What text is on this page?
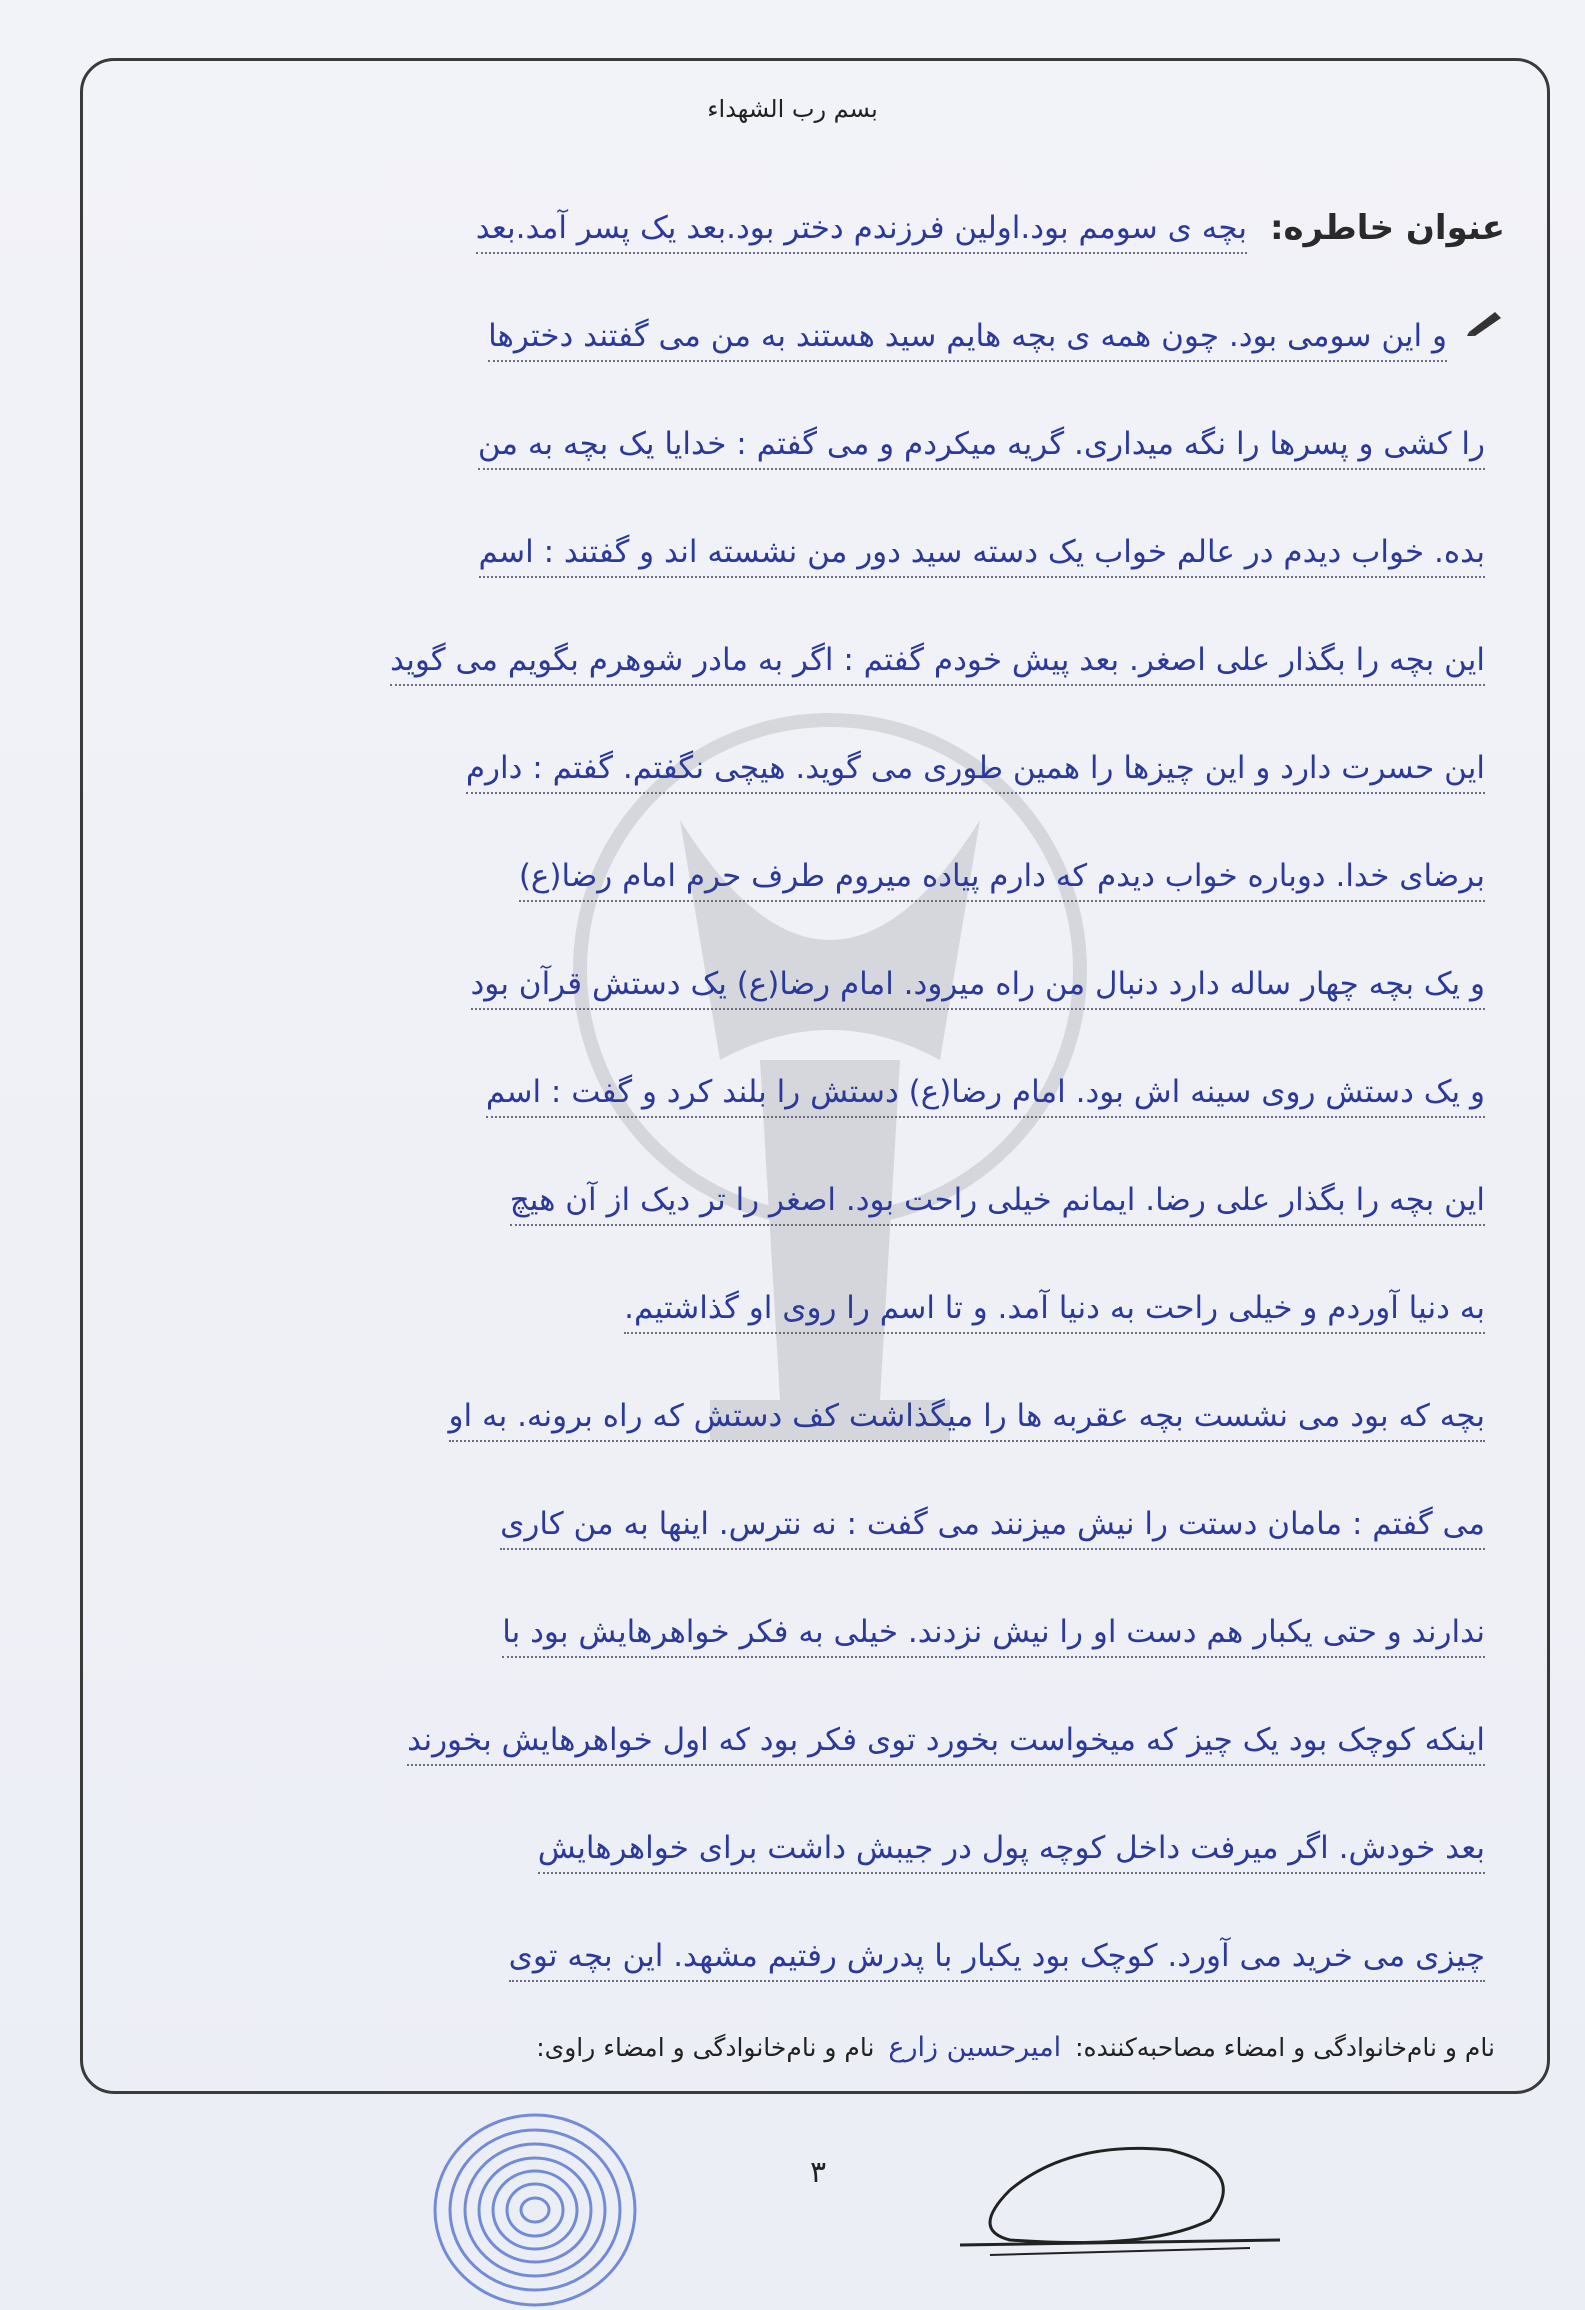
بسم رب الشهداء
عنوان خاطره:
بچه ی سومم بود.اولین فرزندم دختر بود.بعد یک پسر آمد.بعد
و این سومی بود. چون همه ی بچه هایم سید هستند به من می گفتند دخترها
را کشی و پسرها را نگه میداری. گریه میکردم و می گفتم : خدایا یک بچه به من
بده. خواب دیدم در عالم خواب یک دسته سید دور من نشسته اند و گفتند : اسم
این بچه را بگذار علی اصغر. بعد پیش خودم گفتم : اگر به مادر شوهرم بگویم می گوید
این حسرت دارد و این چیزها را همین طوری می گوید. هیچی نگفتم. گفتم : دارم
برضای خدا. دوباره خواب دیدم که دارم پیاده میروم طرف حرم امام رضا(ع)
و یک بچه چهار ساله دارد دنبال من راه میرود. امام رضا(ع) یک دستش قرآن بود
و یک دستش روی سینه اش بود. امام رضا(ع) دستش را بلند کرد و گفت : اسم
این بچه را بگذار علی رضا. ایمانم خیلی راحت بود. اصغر را تر دیک از آن هیچ
به دنیا آوردم و خیلی راحت به دنیا آمد. و تا اسم را روی او گذاشتیم.
بچه که بود می نشست بچه عقربه ها را میگذاشت کف دستش که راه برونه. به او
می گفتم : مامان دستت را نیش میزنند می گفت : نه نترس. اینها به من کاری
ندارند و حتی یکبار هم دست او را نیش نزدند. خیلی به فکر خواهرهایش بود با
اینکه کوچک بود یک چیز که میخواست بخورد توی فکر بود که اول خواهرهایش بخورند
بعد خودش. اگر میرفت داخل کوچه پول در جیبش داشت برای خواهرهایش
چیزی می خرید می آورد. کوچک بود یکبار با پدرش رفتیم مشهد. این بچه توی
نام و نام‌خانوادگی و امضاء مصاحبه‌کننده: امیرحسین زارع نام و نام‌خانوادگی و امضاء راوی:
۳
